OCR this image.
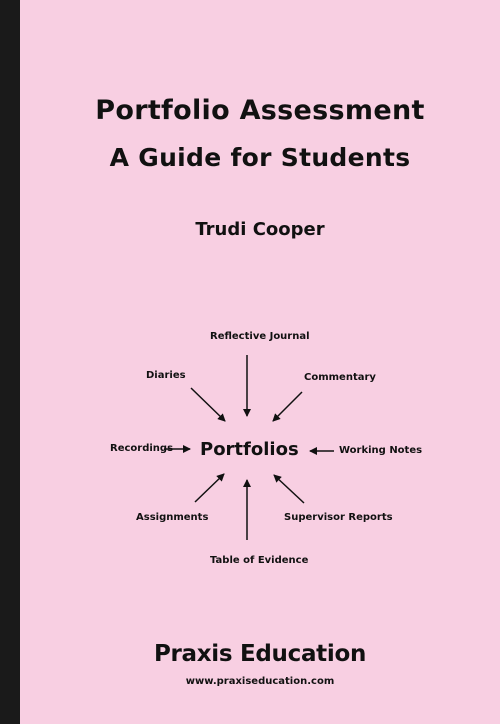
Portfolio Assessment
A Guide for Students
Trudi Cooper
Reflective Journal
Diaries	Commentary
Recordings Portfolios	Working Notes
Assignments	Supervisor Reports
Table of Evidence
Praxis Education
www.praxiseducation.com
